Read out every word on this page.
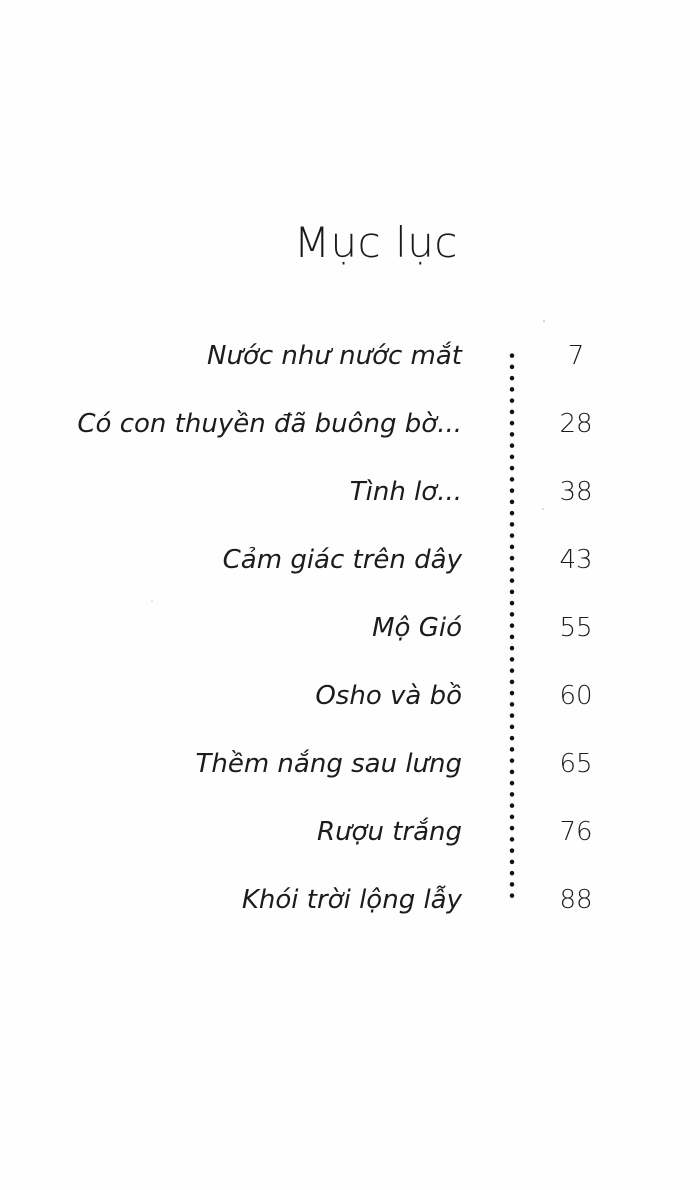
Mục lục
Nước như nước mắt	7
Có con thuyền đã buông bờ...	28
Tình lơ...	38
Cảm giác trên dây	43
Mộ Gió	55
Osho và bồ	60
Thềm nắng sau lưng	65
Rượu trắng	76
Khói trời lộng lẫy	88
